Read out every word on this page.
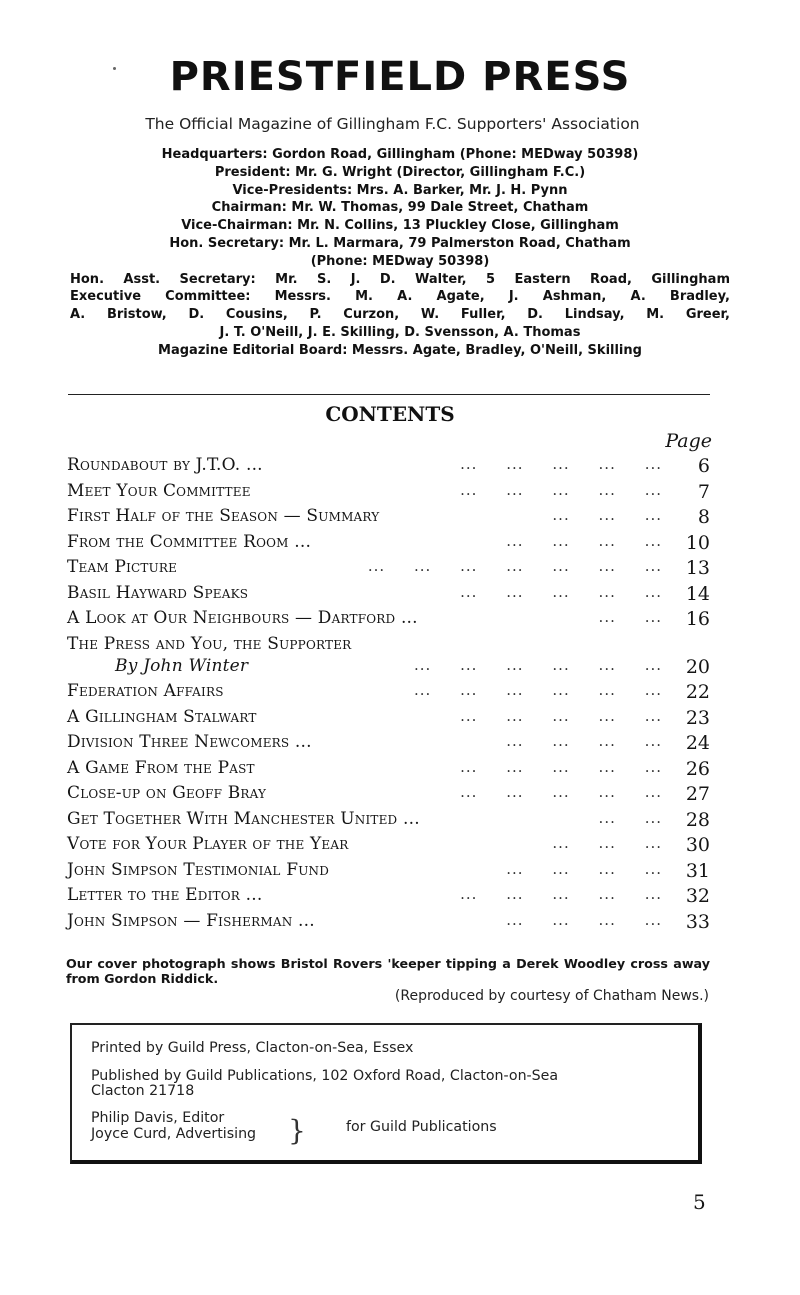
PRIESTFIELD PRESS
The Official Magazine of Gillingham F.C. Supporters' Association
Headquarters: Gordon Road, Gillingham (Phone: MEDway 50398)
President: Mr. G. Wright (Director, Gillingham F.C.)
Vice-Presidents: Mrs. A. Barker, Mr. J. H. Pynn
Chairman: Mr. W. Thomas, 99 Dale Street, Chatham
Vice-Chairman: Mr. N. Collins, 13 Pluckley Close, Gillingham
Hon. Secretary: Mr. L. Marmara, 79 Palmerston Road, Chatham
(Phone: MEDway 50398)
Hon. Asst. Secretary: Mr. S. J. D. Walter, 5 Eastern Road, Gillingham
Executive Committee: Messrs. M. A. Agate, J. Ashman, A. Bradley,
A. Bristow, D. Cousins, P. Curzon, W. Fuller, D. Lindsay, M. Greer,
J. T. O'Neill, J. E. Skilling, D. Svensson, A. Thomas
Magazine Editorial Board: Messrs. Agate, Bradley, O'Neill, Skilling
CONTENTS
Page
Roundabout by J.T.O. ...	...     ...     ...     ...     ... 6
Meet Your Committee	...     ...     ...     ...     ... 7
First Half of the Season — Summary	...     ...     ... 8
From the Committee Room ...	...     ...     ...     ... 10
Team Picture	...     ...     ...     ...     ...     ...     ... 13
Basil Hayward Speaks	...     ...     ...     ...     ... 14
A Look at Our Neighbours — Dartford ...	...     ... 16
The Press and You, the Supporter
By John Winter	...     ...     ...     ...     ...     ... 20
Federation Affairs	...     ...     ...     ...     ...     ... 22
A Gillingham Stalwart	...     ...     ...     ...     ... 23
Division Three Newcomers ...	...     ...     ...     ... 24
A Game From the Past	...     ...     ...     ...     ... 26
Close-up on Geoff Bray	...     ...     ...     ...     ... 27
Get Together With Manchester United ...	...     ... 28
Vote for Your Player of the Year	...     ...     ... 30
John Simpson Testimonial Fund	...     ...     ...     ... 31
Letter to the Editor ...	...     ...     ...     ...     ... 32
John Simpson — Fisherman ...	...     ...     ...     ... 33
Our cover photograph shows Bristol Rovers 'keeper tipping a Derek Woodley cross away from Gordon Riddick.
(Reproduced by courtesy of Chatham News.)
Printed by Guild Press, Clacton-on-Sea, Essex
Published by Guild Publications, 102 Oxford Road, Clacton-on-Sea
Clacton 21718
Philip Davis, Editor
Joyce Curd, Advertising }	for Guild Publications
5
